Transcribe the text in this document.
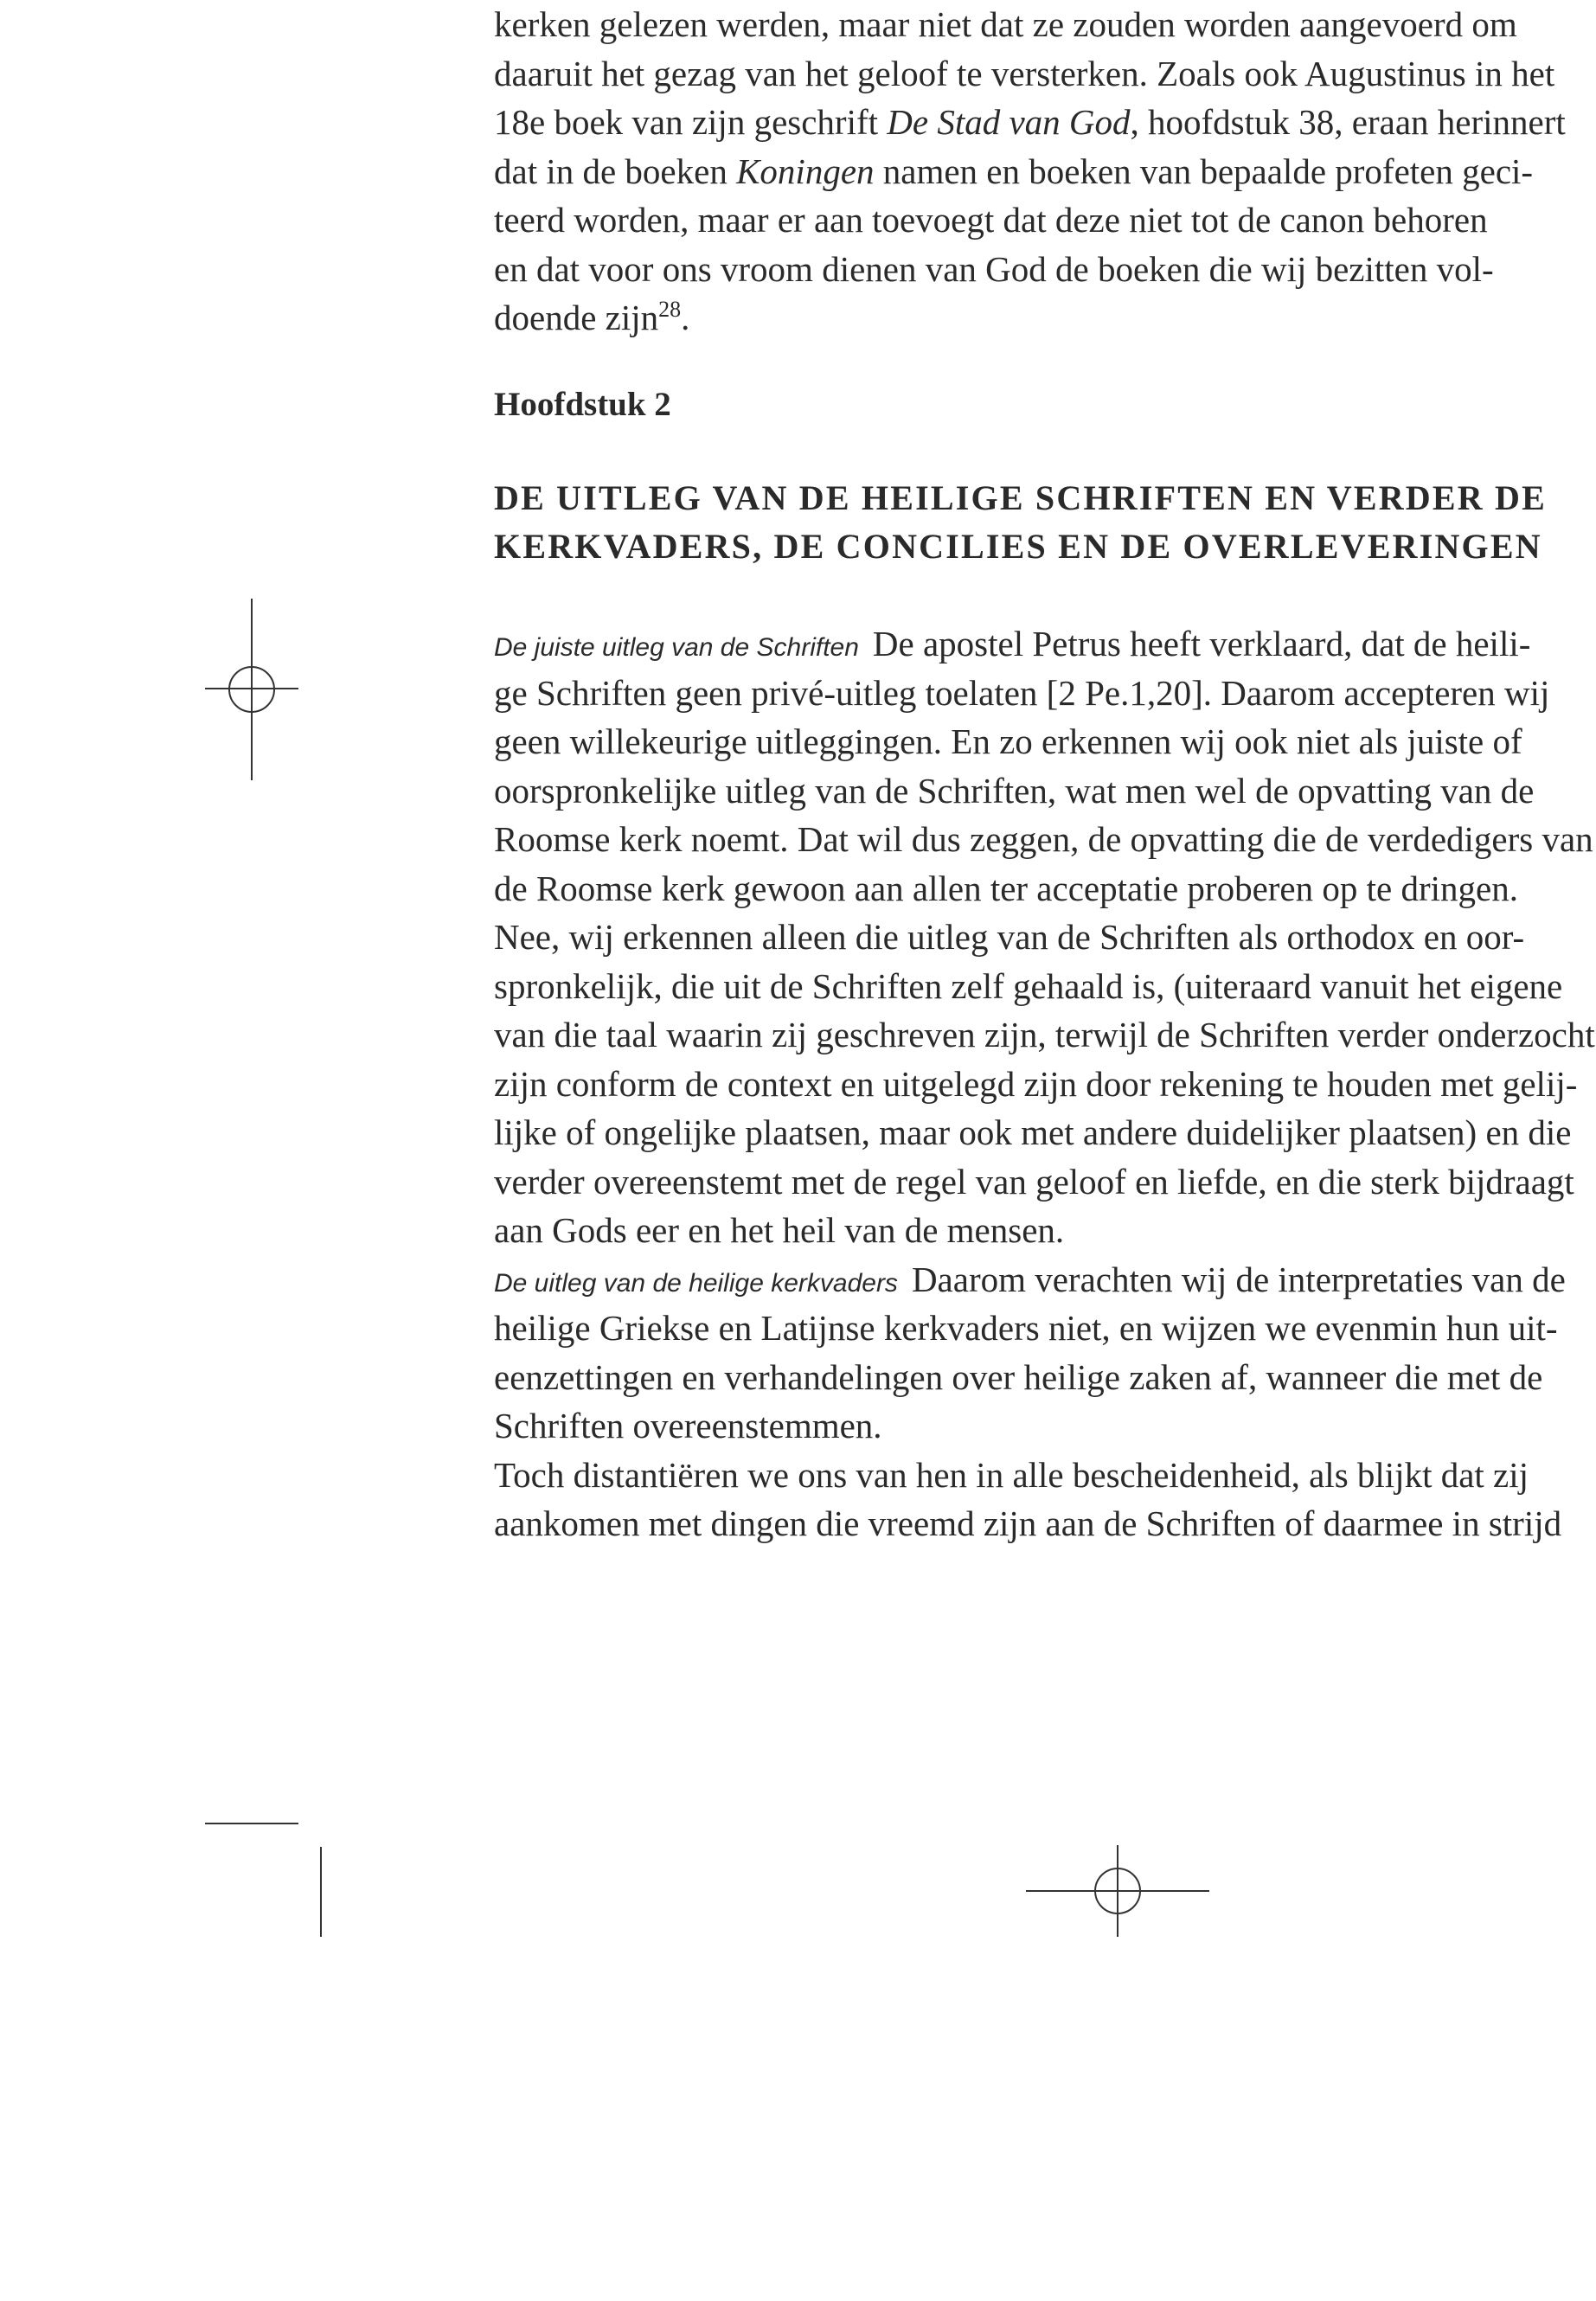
kerken gelezen werden, maar niet dat ze zouden worden aangevoerd om
daaruit het gezag van het geloof te versterken. Zoals ook Augustinus in het
18e boek van zijn geschrift De Stad van God, hoofdstuk 38, eraan herinnert
dat in de boeken Koningen namen en boeken van bepaalde profeten geci-
teerd worden, maar er aan toevoegt dat deze niet tot de canon behoren
en dat voor ons vroom dienen van God de boeken die wij bezitten vol-
doende zijn$^{28}$.
Hoofdstuk 2
DE UITLEG VAN DE HEILIGE SCHRIFTEN EN VERDER DE
KERKVADERS, DE CONCILIES EN DE OVERLEVERINGEN
De juiste uitleg van de Schriften De apostel Petrus heeft verklaard, dat de heili-
ge Schriften geen privé-uitleg toelaten [2 Pe.1,20]. Daarom accepteren wij
geen willekeurige uitleggingen. En zo erkennen wij ook niet als juiste of
oorspronkelijke uitleg van de Schriften, wat men wel de opvatting van de
Roomse kerk noemt. Dat wil dus zeggen, de opvatting die de verdedigers van
de Roomse kerk gewoon aan allen ter acceptatie proberen op te dringen.
Nee, wij erkennen alleen die uitleg van de Schriften als orthodox en oor-
spronkelijk, die uit de Schriften zelf gehaald is, (uiteraard vanuit het eigene
van die taal waarin zij geschreven zijn, terwijl de Schriften verder onderzocht
zijn conform de context en uitgelegd zijn door rekening te houden met gelij-
lijke of ongelijke plaatsen, maar ook met andere duidelijker plaatsen) en die
verder overeenstemt met de regel van geloof en liefde, en die sterk bijdraagt
aan Gods eer en het heil van de mensen.
De uitleg van de heilige kerkvaders Daarom verachten wij de interpretaties van de
heilige Griekse en Latijnse kerkvaders niet, en wijzen we evenmin hun uit-
eenzettingen en verhandelingen over heilige zaken af, wanneer die met de
Schriften overeenstemmen.
Toch distantiëren we ons van hen in alle bescheidenheid, als blijkt dat zij
aankomen met dingen die vreemd zijn aan de Schriften of daarmee in strijd
